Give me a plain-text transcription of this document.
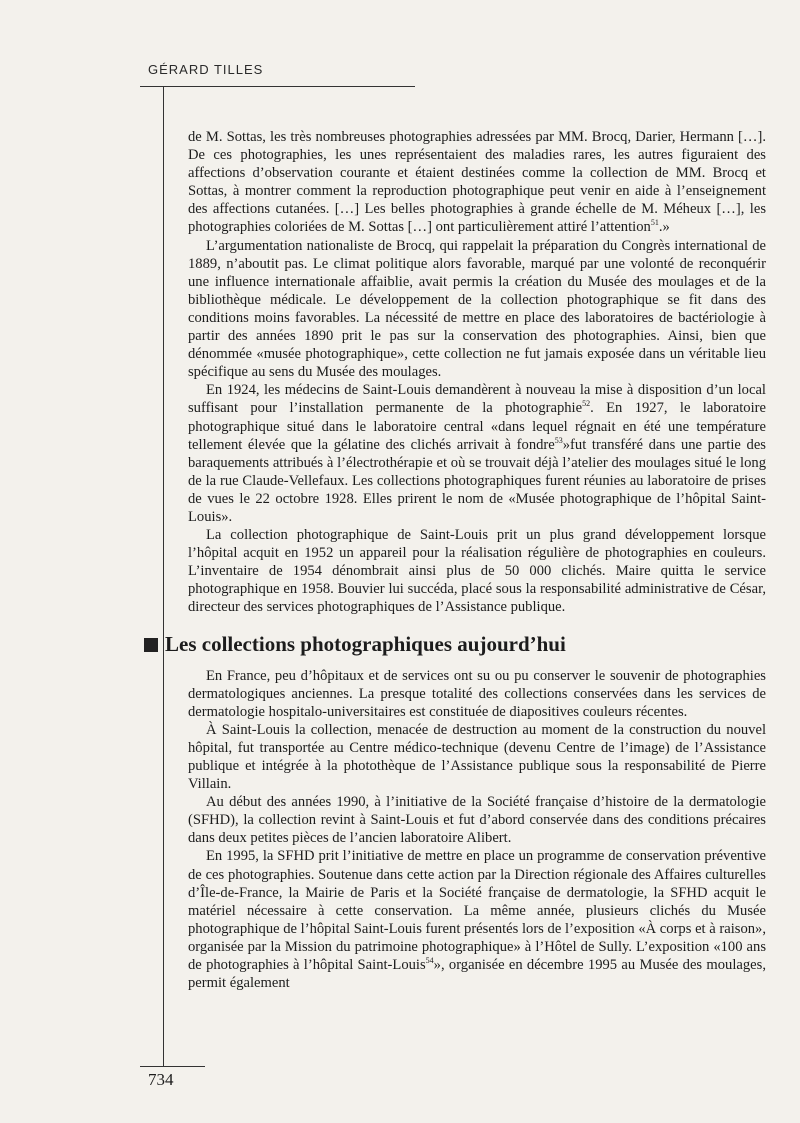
GÉRARD TILLES

de M. Sottas, les très nombreuses photographies adressées par MM. Brocq, Darier, Hermann […]. De ces photographies, les unes représentaient des maladies rares, les autres figuraient des affections d’observation courante et étaient destinées comme la collection de MM. Brocq et Sottas, à montrer comment la reproduction photographique peut venir en aide à l’enseignement des affections cutanées. […] Les belles photographies à grande échelle de M. Méheux […], les photographies coloriées de M. Sottas […] ont particulièrement attiré l’attention$^{51}$.»

L’argumentation nationaliste de Brocq, qui rappelait la préparation du Congrès international de 1889, n’aboutit pas. Le climat politique alors favorable, marqué par une volonté de reconquérir une influence internationale affaiblie, avait permis la création du Musée des moulages et de la bibliothèque médicale. Le développement de la collection photographique se fit dans des conditions moins favorables. La nécessité de mettre en place des laboratoires de bactériologie à partir des années 1890 prit le pas sur la conservation des photographies. Ainsi, bien que dénommée «musée photographique», cette collection ne fut jamais exposée dans un véritable lieu spécifique au sens du Musée des moulages.

En 1924, les médecins de Saint-Louis demandèrent à nouveau la mise à disposition d’un local suffisant pour l’installation permanente de la photographie$^{52}$. En 1927, le laboratoire photographique situé dans le laboratoire central «dans lequel régnait en été une température tellement élevée que la gélatine des clichés arrivait à fondre$^{53}$»fut transféré dans une partie des baraquements attribués à l’électrothérapie et où se trouvait déjà l’atelier des moulages situé le long de la rue Claude-Vellefaux. Les collections photographiques furent réunies au laboratoire de prises de vues le 22 octobre 1928. Elles prirent le nom de «Musée photographique de l’hôpital Saint-Louis».

La collection photographique de Saint-Louis prit un plus grand développement lorsque l’hôpital acquit en 1952 un appareil pour la réalisation régulière de photographies en couleurs. L’inventaire de 1954 dénombrait ainsi plus de 50 000 clichés. Maire quitta le service photographique en 1958. Bouvier lui succéda, placé sous la responsabilité administrative de César, directeur des services photographiques de l’Assistance publique.

Les collections photographiques aujourd’hui

En France, peu d’hôpitaux et de services ont su ou pu conserver le souvenir de photographies dermatologiques anciennes. La presque totalité des collections conservées dans les services de dermatologie hospitalo-universitaires est constituée de diapositives couleurs récentes.

À Saint-Louis la collection, menacée de destruction au moment de la construction du nouvel hôpital, fut transportée au Centre médico-technique (devenu Centre de l’image) de l’Assistance publique et intégrée à la photothèque de l’Assistance publique sous la responsabilité de Pierre Villain.

Au début des années 1990, à l’initiative de la Société française d’histoire de la dermatologie (SFHD), la collection revint à Saint-Louis et fut d’abord conservée dans des conditions précaires dans deux petites pièces de l’ancien laboratoire Alibert.

En 1995, la SFHD prit l’initiative de mettre en place un programme de conservation préventive de ces photographies. Soutenue dans cette action par la Direction régionale des Affaires culturelles d’Île-de-France, la Mairie de Paris et la Société française de dermatologie, la SFHD acquit le matériel nécessaire à cette conservation. La même année, plusieurs clichés du Musée photographique de l’hôpital Saint-Louis furent présentés lors de l’exposition «À corps et à raison», organisée par la Mission du patrimoine photographique» à l’Hôtel de Sully. L’exposition «100 ans de photographies à l’hôpital Saint-Louis$^{54}$», organisée en décembre 1995 au Musée des moulages, permit également

734
